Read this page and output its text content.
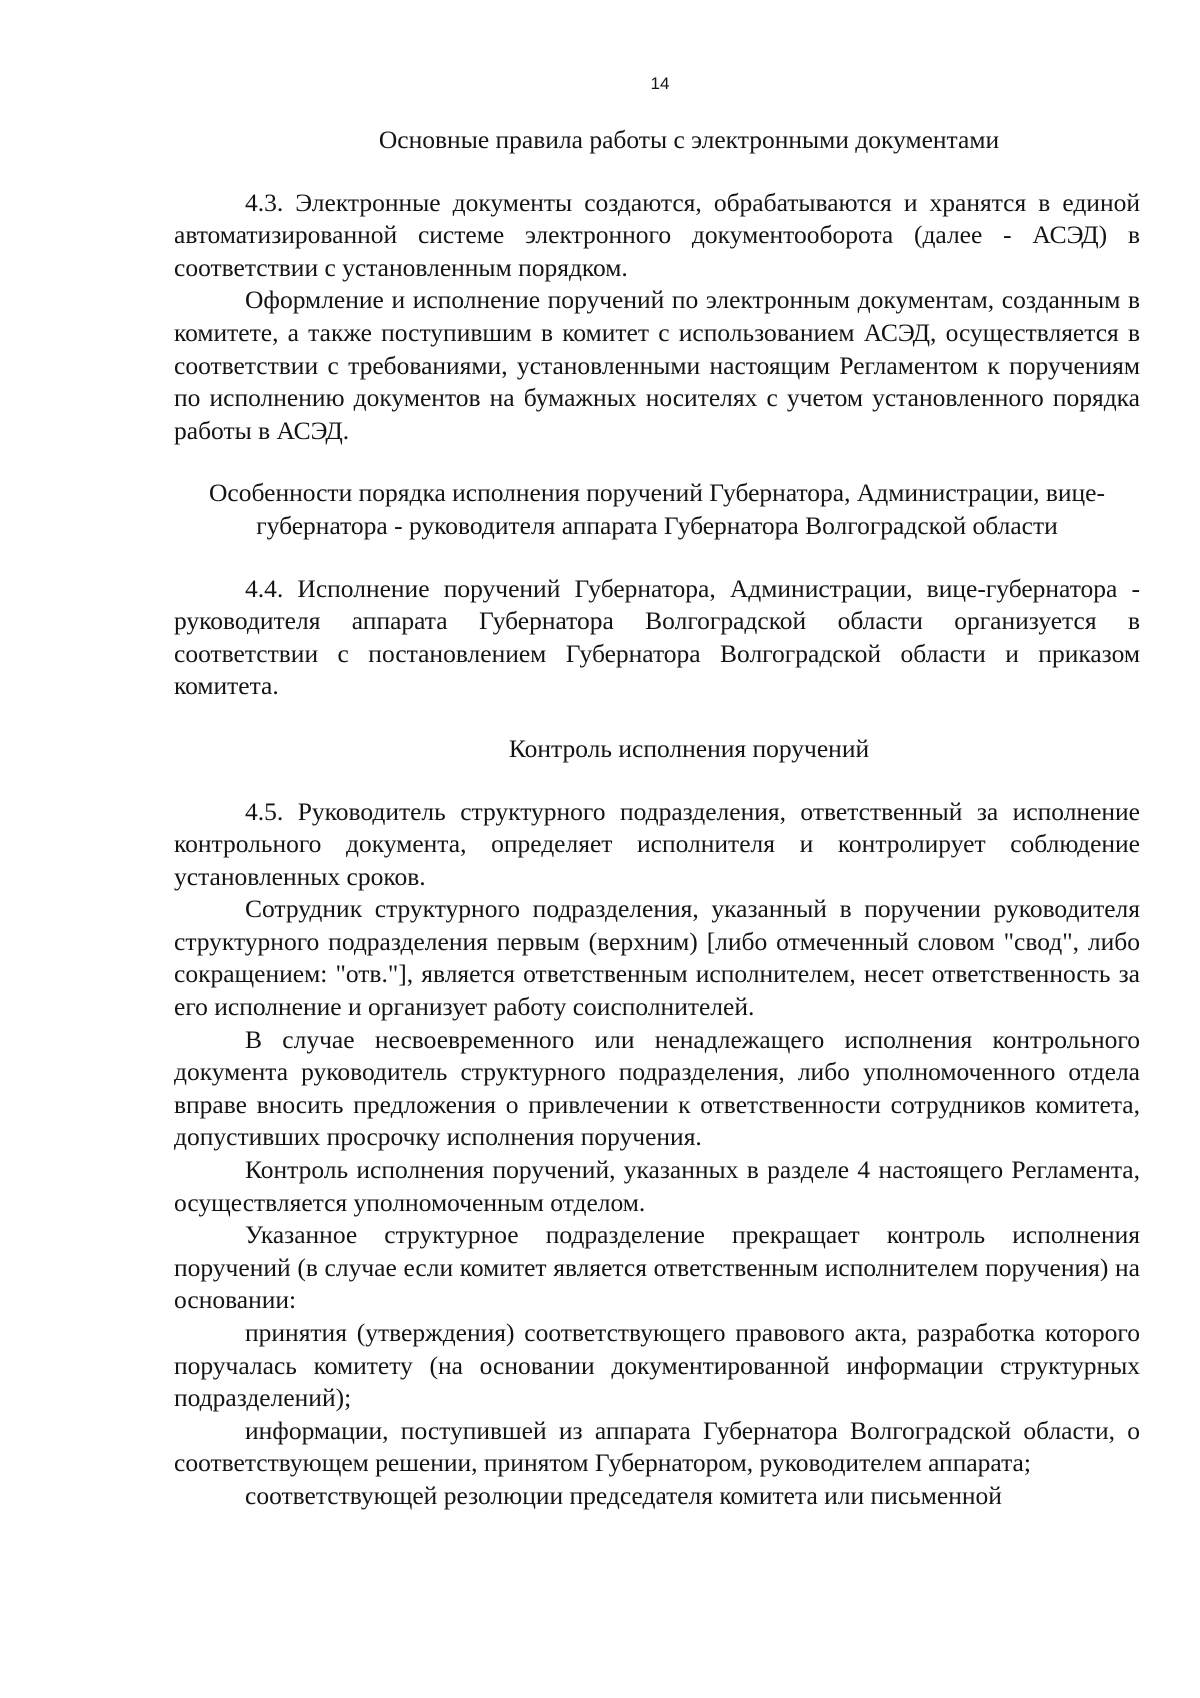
14

Основные правила работы с электронными документами

4.3. Электронные документы создаются, обрабатываются и хранятся в единой автоматизированной системе электронного документооборота (далее - АСЭД) в соответствии с установленным порядком.

Оформление и исполнение поручений по электронным документам, созданным в комитете, а также поступившим в комитет с использованием АСЭД, осуществляется в соответствии с требованиями, установленными настоящим Регламентом к поручениям по исполнению документов на бумажных носителях с учетом установленного порядка работы в АСЭД.

Особенности порядка исполнения поручений Губернатора, Администрации, вице-губернатора - руководителя аппарата Губернатора Волгоградской области

4.4. Исполнение поручений Губернатора, Администрации, вице-губернатора - руководителя аппарата Губернатора Волгоградской области организуется в соответствии с постановлением Губернатора Волгоградской области и приказом комитета.

Контроль исполнения поручений

4.5. Руководитель структурного подразделения, ответственный за исполнение контрольного документа, определяет исполнителя и контролирует соблюдение установленных сроков.

Сотрудник структурного подразделения, указанный в поручении руководителя структурного подразделения первым (верхним) [либо отмеченный словом "свод", либо сокращением: "отв."], является ответственным исполнителем, несет ответственность за его исполнение и организует работу соисполнителей.

В случае несвоевременного или ненадлежащего исполнения контрольного документа руководитель структурного подразделения, либо уполномоченного отдела вправе вносить предложения о привлечении к ответственности сотрудников комитета, допустивших просрочку исполнения поручения.

Контроль исполнения поручений, указанных в разделе 4 настоящего Регламента, осуществляется уполномоченным отделом.

Указанное структурное подразделение прекращает контроль исполнения поручений (в случае если комитет является ответственным исполнителем поручения) на основании:

принятия (утверждения) соответствующего правового акта, разработка которого поручалась комитету (на основании документированной информации структурных подразделений);

информации, поступившей из аппарата Губернатора Волгоградской области, о соответствующем решении, принятом Губернатором, руководителем аппарата;

соответствующей резолюции председателя комитета или письменной
